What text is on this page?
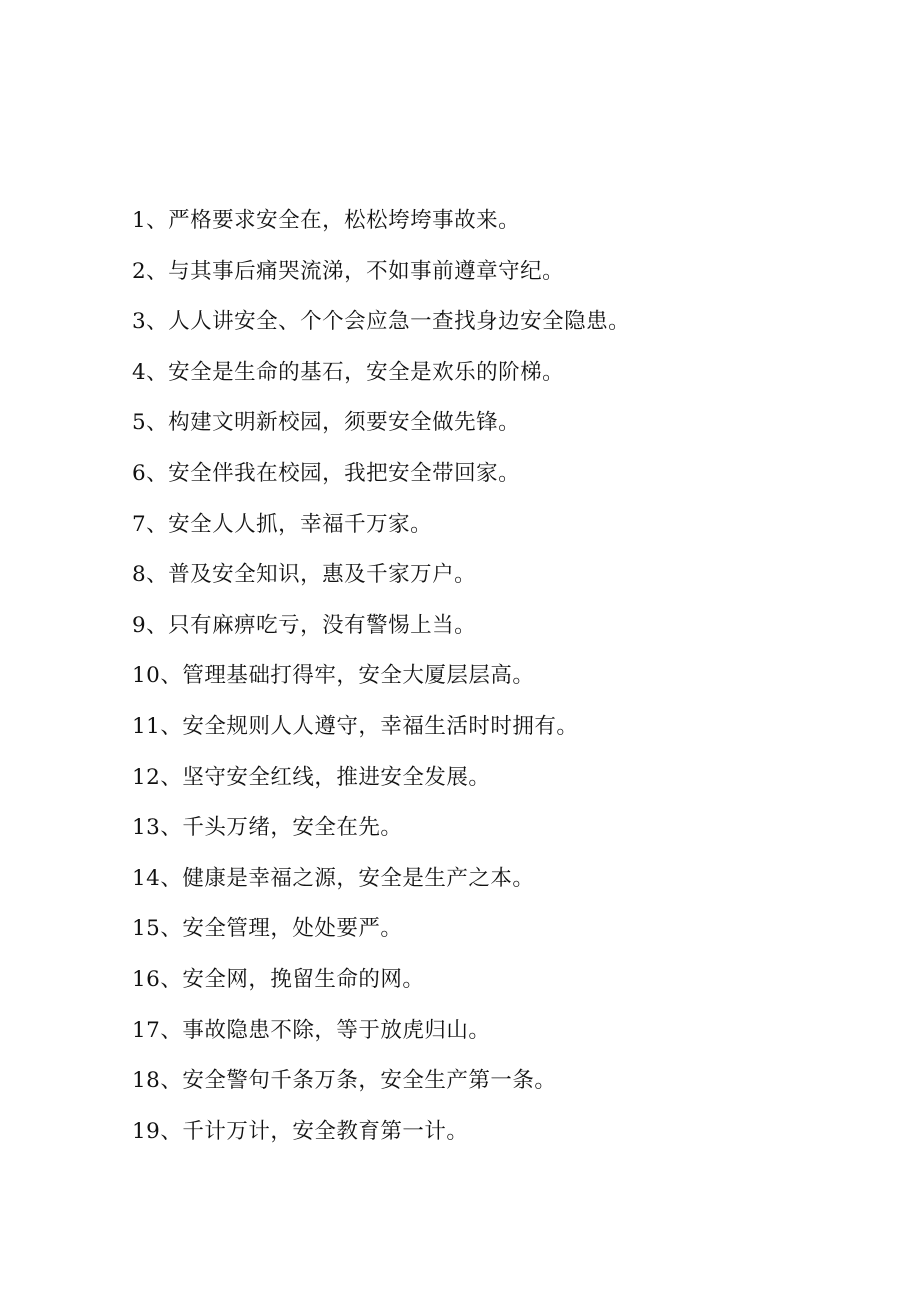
1、严格要求安全在，松松垮垮事故来。
2、与其事后痛哭流涕，不如事前遵章守纪。
3、人人讲安全、个个会应急一查找身边安全隐患。
4、安全是生命的基石，安全是欢乐的阶梯。
5、构建文明新校园，须要安全做先锋。
6、安全伴我在校园，我把安全带回家。
7、安全人人抓，幸福千万家。
8、普及安全知识，惠及千家万户。
9、只有麻痹吃亏，没有警惕上当。
10、管理基础打得牢，安全大厦层层高。
11、安全规则人人遵守，幸福生活时时拥有。
12、坚守安全红线，推进安全发展。
13、千头万绪，安全在先。
14、健康是幸福之源，安全是生产之本。
15、安全管理，处处要严。
16、安全网，挽留生命的网。
17、事故隐患不除，等于放虎归山。
18、安全警句千条万条，安全生产第一条。
19、千计万计，安全教育第一计。
